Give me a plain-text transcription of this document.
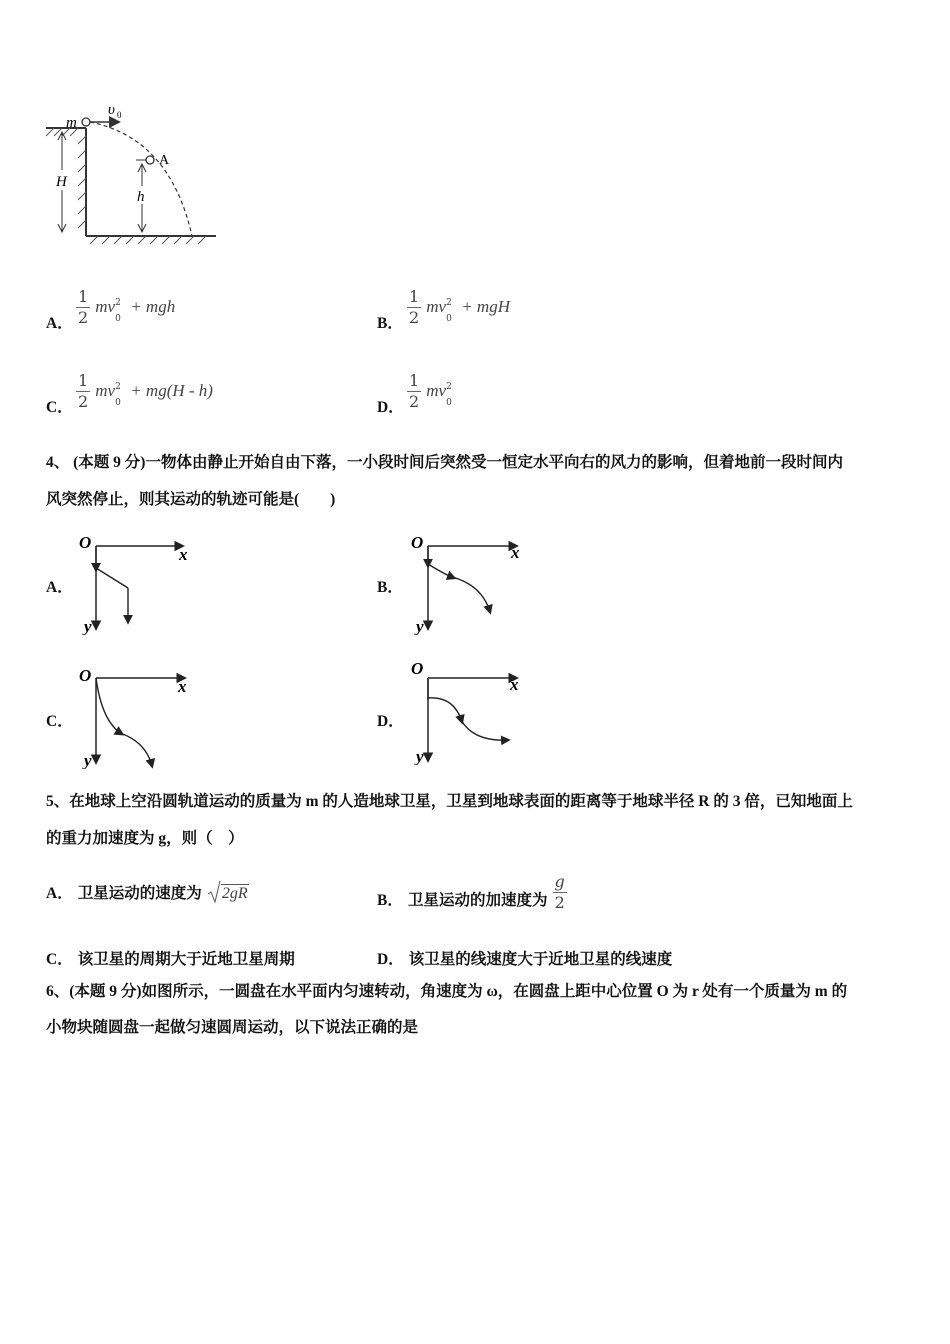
H
m
υ 0
A
h
A． $\frac{1}{2}$ mv 2
0
+ mgh
B． $\frac{1}{2}$ mv 2
0
+ mgH
C． $\frac{1}{2}$ mv 2
0
+ mg(H - h)
D． $\frac{1}{2}$ mv 2
0
4、 (本题 9 分)一物体由静止开始自由下落，一小段时间后突然受一恒定水平向右的风力的影响，但着地前一段时间内
风突然停止，则其运动的轨迹可能是(　　)
A．	B．
C．	D．
O
x
y
O
x
y
O
x
y
O
x
y
5、在地球上空沿圆轨道运动的质量为 m 的人造地球卫星，卫星到地球表面的距离等于地球半径 R 的 3 倍，已知地面上
的重力加速度为 g，则（　）
A． 卫星运动的速度为 2gR	B． 卫星运动的加速度为 $\frac{g}{2}$
C． 该卫星的周期大于近地卫星周期	D． 该卫星的线速度大于近地卫星的线速度
6、(本题 9 分)如图所示，一圆盘在水平面内匀速转动，角速度为 ω，在圆盘上距中心位置 O 为 r 处有一个质量为 m 的
小物块随圆盘一起做匀速圆周运动，以下说法正确的是
